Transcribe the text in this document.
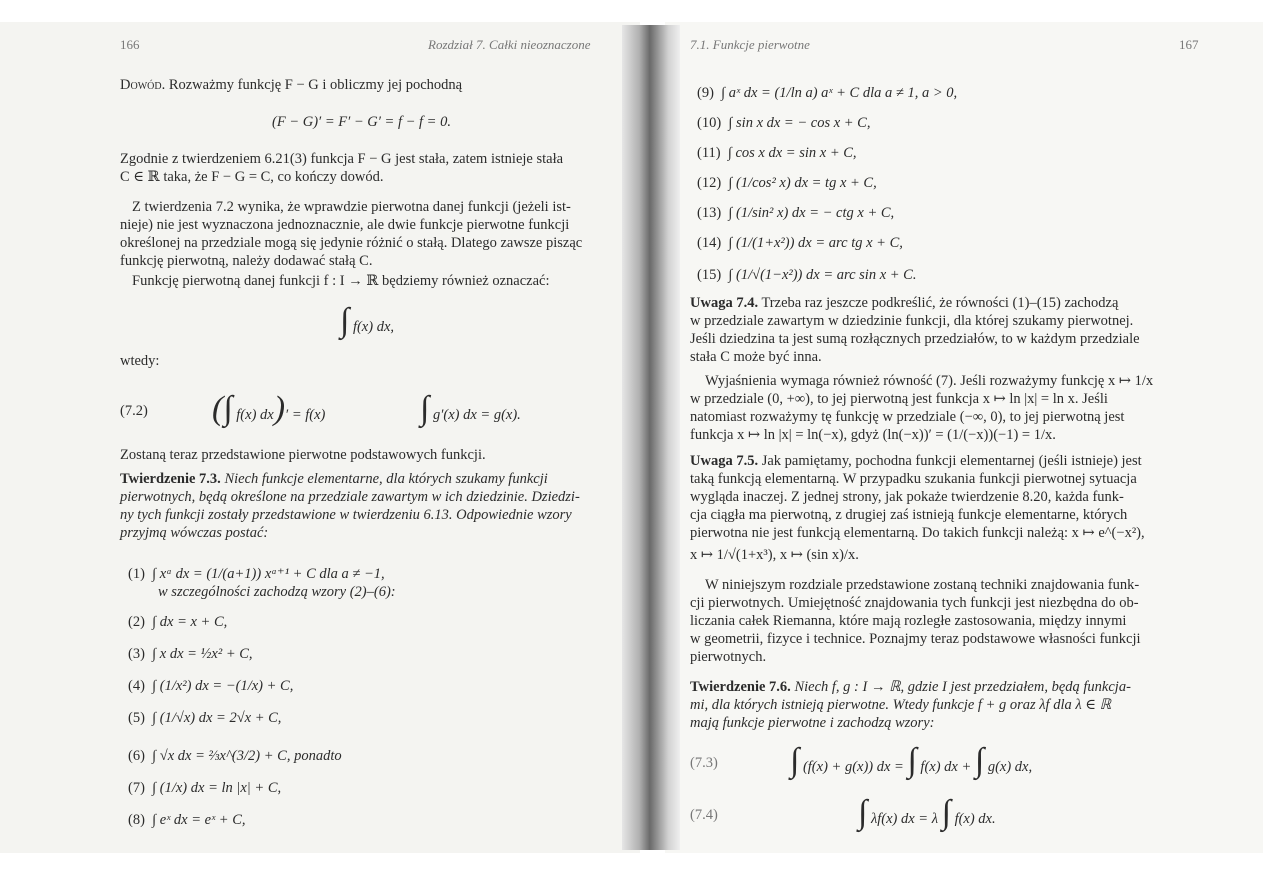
166	Rozdział 7. Całki nieoznaczone
Dowód. Rozważmy funkcję F − G i obliczmy jej pochodną
(F − G)′ = F′ − G′ = f − f = 0.
Zgodnie z twierdzeniem 6.21(3) funkcja F − G jest stała, zatem istnieje stała
C ∈ ℝ taka, że F − G = C, co kończy dowód.
Z twierdzenia 7.2 wynika, że wprawdzie pierwotna danej funkcji (jeżeli ist-
nieje) nie jest wyznaczona jednoznacznie, ale dwie funkcje pierwotne funkcji
określonej na przedziale mogą się jedynie różnić o stałą. Dlatego zawsze pisząc
funkcję pierwotną, należy dodawać stałą C.
Funkcję pierwotną danej funkcji f : I → ℝ będziemy również oznaczać:
∫ f(x) dx,
wtedy:
(7.2) (∫ f(x) dx)′ = f(x)	∫ g′(x) dx = g(x).
Zostaną teraz przedstawione pierwotne podstawowych funkcji.
Twierdzenie 7.3. Niech funkcje elementarne, dla których szukamy funkcji
pierwotnych, będą określone na przedziale zawartym w ich dziedzinie. Dziedzi-
ny tych funkcji zostały przedstawione w twierdzeniu 6.13. Odpowiednie wzory
przyjmą wówczas postać:
(1) ∫ xᵃ dx = (1/(a+1)) xᵃ⁺¹ + C dla a ≠ −1,
w szczególności zachodzą wzory (2)–(6):
(2) ∫ dx = x + C,
(3) ∫ x dx = ½x² + C,
(4) ∫ (1/x²) dx = −(1/x) + C,
(5) ∫ (1/√x) dx = 2√x + C,
(6) ∫ √x dx = ⅔x^(3/2) + C, ponadto
(7) ∫ (1/x) dx = ln |x| + C,
(8) ∫ eˣ dx = eˣ + C,
7.1. Funkcje pierwotne	167
(9) ∫ aˣ dx = (1/ln a) aˣ + C dla a ≠ 1, a > 0,
(10) ∫ sin x dx = − cos x + C,
(11) ∫ cos x dx = sin x + C,
(12) ∫ (1/cos² x) dx = tg x + C,
(13) ∫ (1/sin² x) dx = − ctg x + C,
(14) ∫ (1/(1+x²)) dx = arc tg x + C,
(15) ∫ (1/√(1−x²)) dx = arc sin x + C.
Uwaga 7.4. Trzeba raz jeszcze podkreślić, że równości (1)–(15) zachodzą
w przedziale zawartym w dziedzinie funkcji, dla której szukamy pierwotnej.
Jeśli dziedzina ta jest sumą rozłącznych przedziałów, to w każdym przedziale
stała C może być inna.
Wyjaśnienia wymaga również równość (7). Jeśli rozważymy funkcję x ↦ 1/x
w przedziale (0, +∞), to jej pierwotną jest funkcja x ↦ ln |x| = ln x. Jeśli
natomiast rozważymy tę funkcję w przedziale (−∞, 0), to jej pierwotną jest
funkcja x ↦ ln |x| = ln(−x), gdyż (ln(−x))′ = (1/(−x))(−1) = 1/x.
Uwaga 7.5. Jak pamiętamy, pochodna funkcji elementarnej (jeśli istnieje) jest
taką funkcją elementarną. W przypadku szukania funkcji pierwotnej sytuacja
wygląda inaczej. Z jednej strony, jak pokaże twierdzenie 8.20, każda funk-
cja ciągła ma pierwotną, z drugiej zaś istnieją funkcje elementarne, których
pierwotna nie jest funkcją elementarną. Do takich funkcji należą: x ↦ e^(−x²),
x ↦ 1/√(1+x³), x ↦ (sin x)/x.
W niniejszym rozdziale przedstawione zostaną techniki znajdowania funk-
cji pierwotnych. Umiejętność znajdowania tych funkcji jest niezbędna do ob-
liczania całek Riemanna, które mają rozległe zastosowania, między innymi
w geometrii, fizyce i technice. Poznajmy teraz podstawowe własności funkcji
pierwotnych.
Twierdzenie 7.6. Niech f, g : I → ℝ, gdzie I jest przedziałem, będą funkcja-
mi, dla których istnieją pierwotne. Wtedy funkcje f + g oraz λf dla λ ∈ ℝ
mają funkcje pierwotne i zachodzą wzory:
(7.3) ∫ (f(x) + g(x)) dx = ∫ f(x) dx + ∫ g(x) dx,
(7.4)	∫ λf(x) dx = λ ∫ f(x) dx.
